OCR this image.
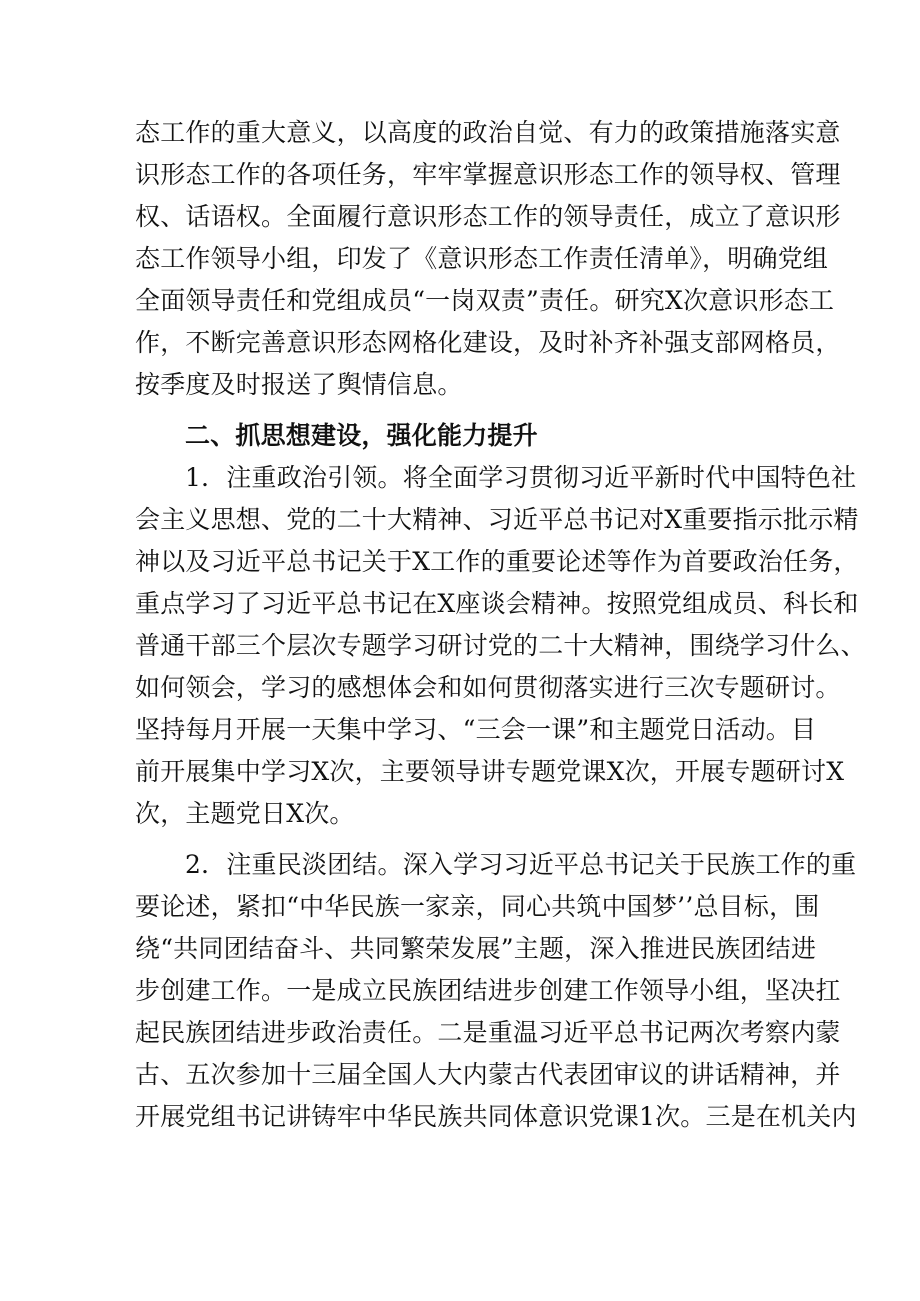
态工作的重大意义，以高度的政治自觉、有力的政策措施落实意
识形态工作的各项任务，牢牢掌握意识形态工作的领导权、管理
权、话语权。全面履行意识形态工作的领导责任，成立了意识形
态工作领导小组，印发了《意识形态工作责任清单》，明确党组
全面领导责任和党组成员“一岗双责”责任。研究X次意识形态工
作，不断完善意识形态网格化建设，及时补齐补强支部网格员，
按季度及时报送了舆情信息。
二、抓思想建设，强化能力提升
1．注重政治引领。将全面学习贯彻习近平新时代中国特色社
会主义思想、党的二十大精神、习近平总书记对X重要指示批示精
神以及习近平总书记关于X工作的重要论述等作为首要政治任务，
重点学习了习近平总书记在X座谈会精神。按照党组成员、科长和
普通干部三个层次专题学习研讨党的二十大精神，围绕学习什么、
如何领会，学习的感想体会和如何贯彻落实进行三次专题研讨。
坚持每月开展一天集中学习、“三会一课”和主题党日活动。目
前开展集中学习X次，主要领导讲专题党课X次，开展专题研讨X
次，主题党日X次。
2．注重民淡团结。深入学习习近平总书记关于民族工作的重
要论述，紧扣“中华民族一家亲，同心共筑中国梦’’总目标，围
绕“共同团结奋斗、共同繁荣发展”主题，深入推进民族团结进
步创建工作。一是成立民族团结进步创建工作领导小组，坚决扛
起民族团结进步政治责任。二是重温习近平总书记两次考察内蒙
古、五次参加十三届全国人大内蒙古代表团审议的讲话精神，并
开展党组书记讲铸牢中华民族共同体意识党课1次。三是在机关内
